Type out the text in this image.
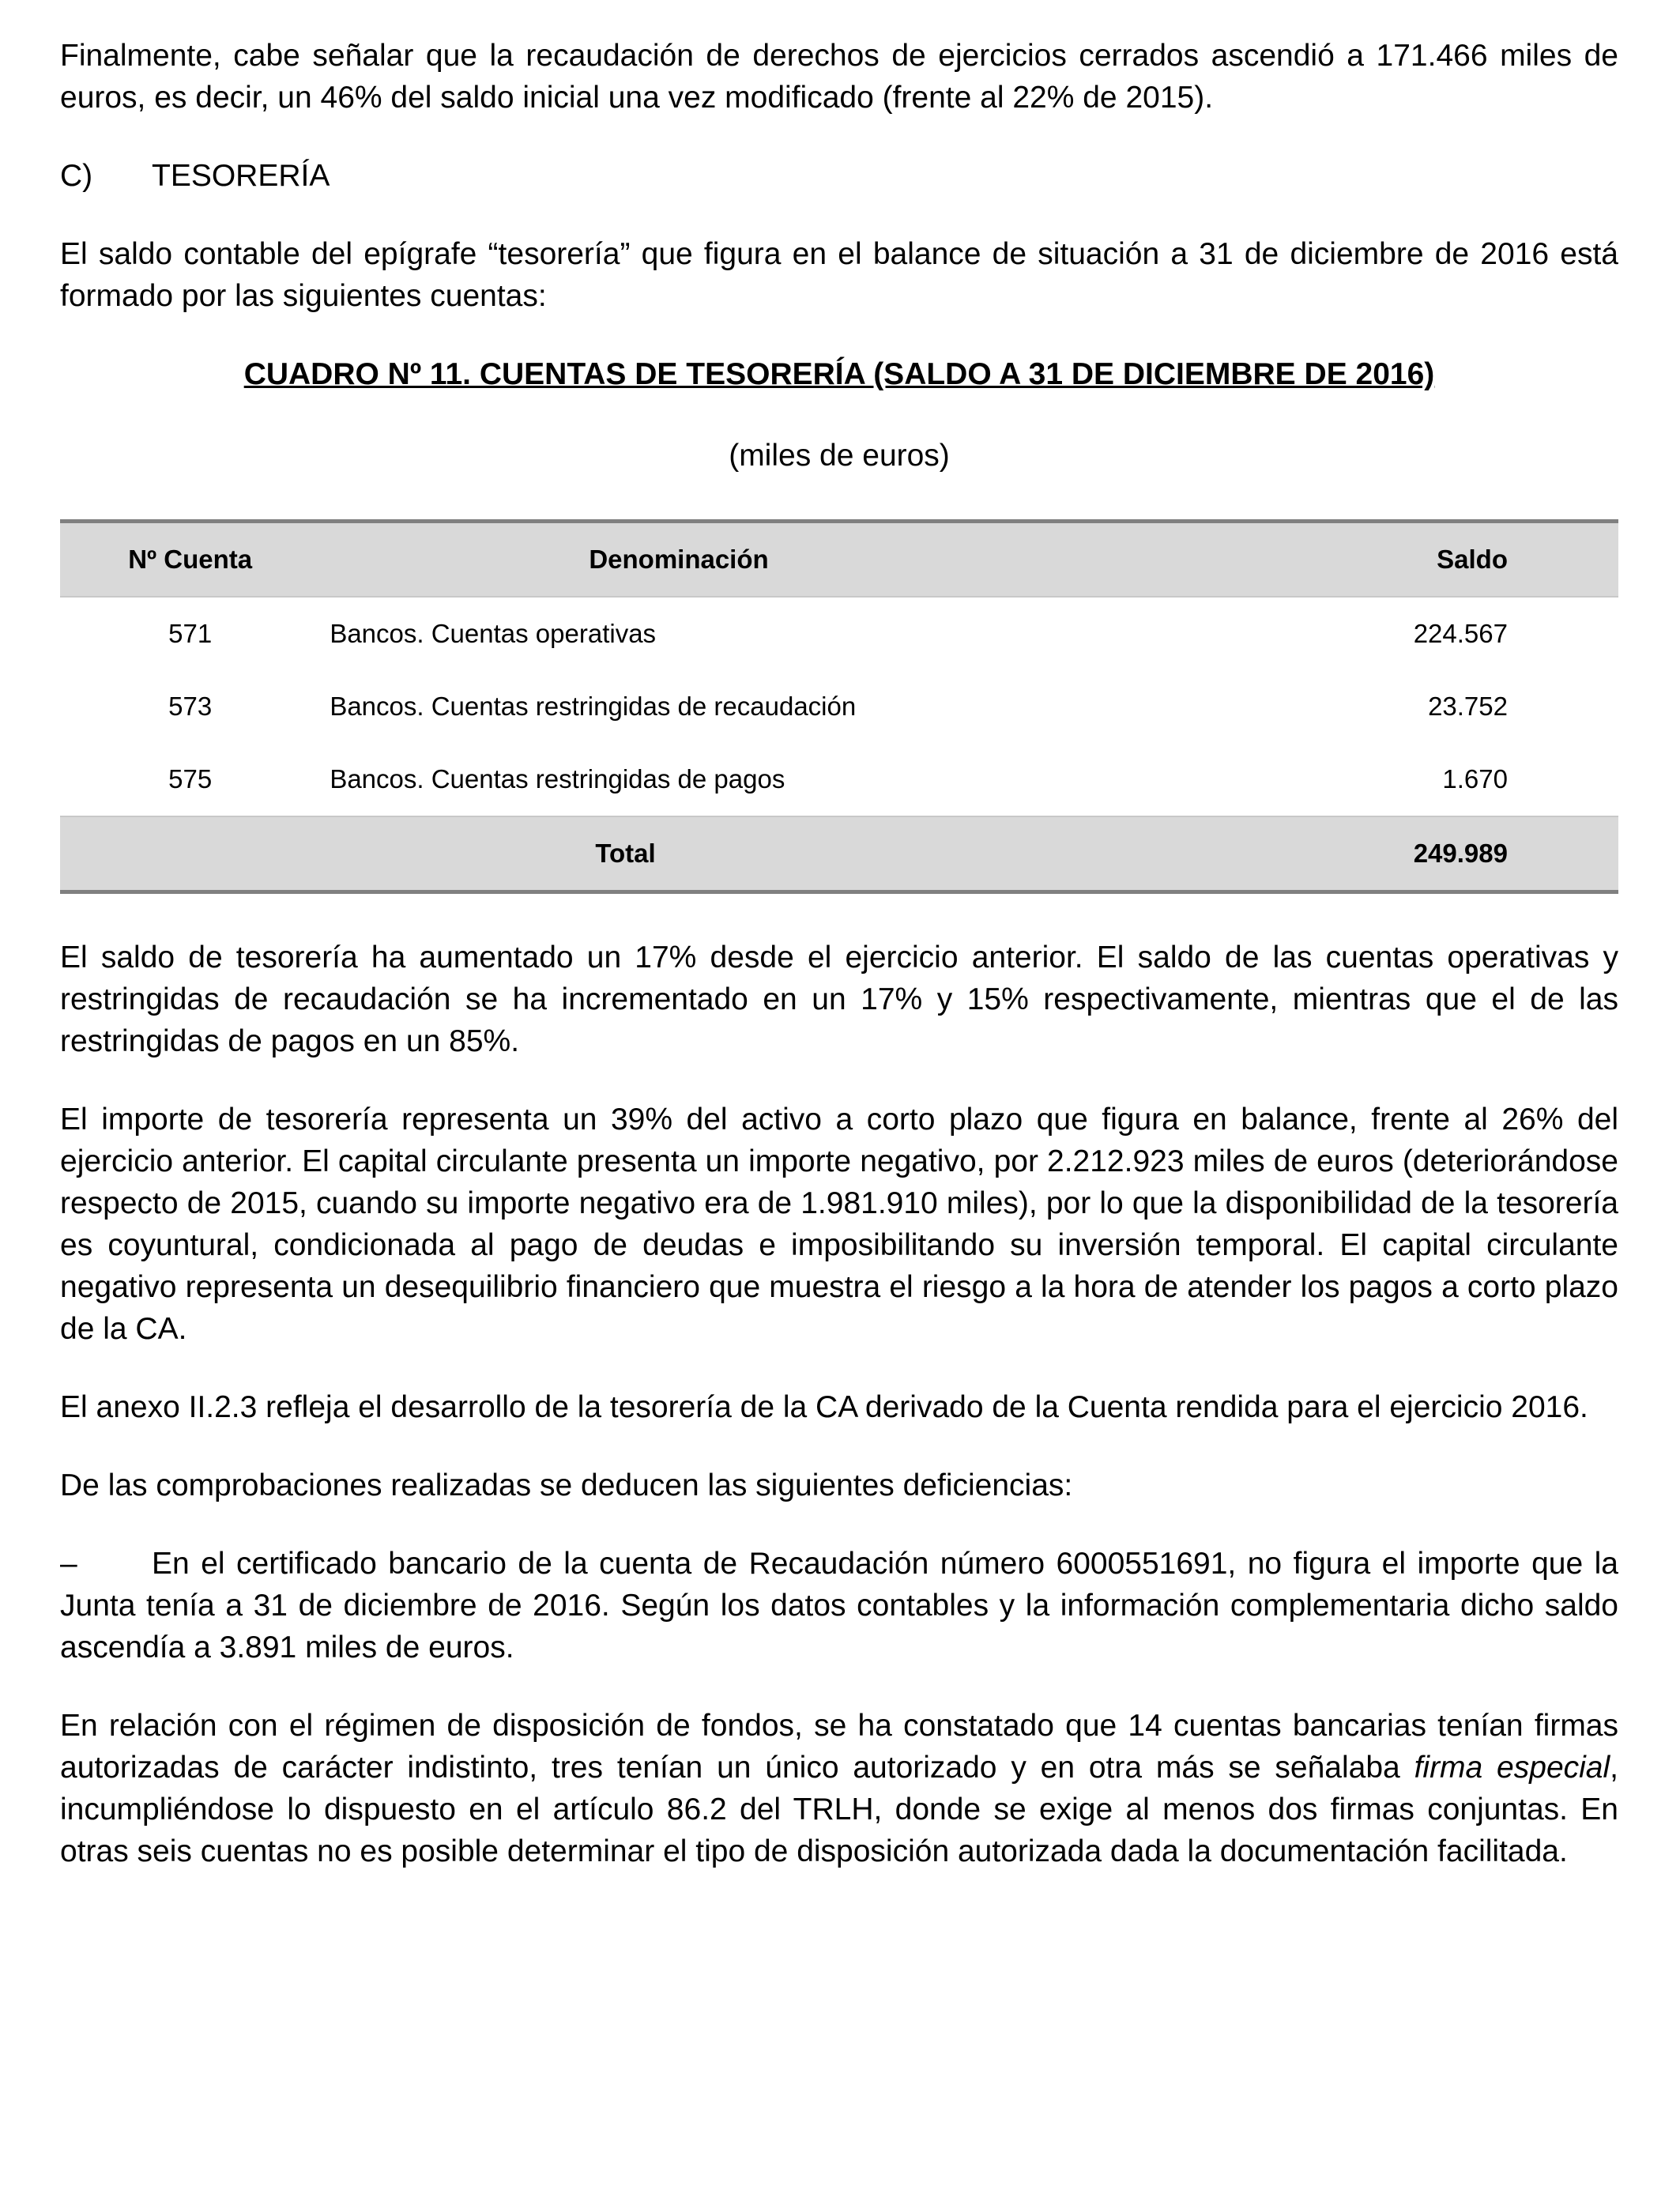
Finalmente, cabe señalar que la recaudación de derechos de ejercicios cerrados ascendió a 171.466 miles de euros, es decir, un 46% del saldo inicial una vez modificado (frente al 22% de 2015).

C) TESORERÍA

El saldo contable del epígrafe “tesorería” que figura en el balance de situación a 31 de diciembre de 2016 está formado por las siguientes cuentas:

CUADRO Nº 11. CUENTAS DE TESORERÍA (SALDO A 31 DE DICIEMBRE DE 2016)
(miles de euros)
Nº Cuenta	Denominación	Saldo
571	Bancos. Cuentas operativas	224.567
573	Bancos. Cuentas restringidas de recaudación	23.752
575	Bancos. Cuentas restringidas de pagos	1.670
	Total	249.989

El saldo de tesorería ha aumentado un 17% desde el ejercicio anterior. El saldo de las cuentas operativas y restringidas de recaudación se ha incrementado en un 17% y 15% respectivamente, mientras que el de las restringidas de pagos en un 85%.

El importe de tesorería representa un 39% del activo a corto plazo que figura en balance, frente al 26% del ejercicio anterior. El capital circulante presenta un importe negativo, por 2.212.923 miles de euros (deteriorándose respecto de 2015, cuando su importe negativo era de 1.981.910 miles), por lo que la disponibilidad de la tesorería es coyuntural, condicionada al pago de deudas e imposibilitando su inversión temporal. El capital circulante negativo representa un desequilibrio financiero que muestra el riesgo a la hora de atender los pagos a corto plazo de la CA.

El anexo II.2.3 refleja el desarrollo de la tesorería de la CA derivado de la Cuenta rendida para el ejercicio 2016.

De las comprobaciones realizadas se deducen las siguientes deficiencias:

– En el certificado bancario de la cuenta de Recaudación número 6000551691, no figura el importe que la Junta tenía a 31 de diciembre de 2016. Según los datos contables y la información complementaria dicho saldo ascendía a 3.891 miles de euros.

En relación con el régimen de disposición de fondos, se ha constatado que 14 cuentas bancarias tenían firmas autorizadas de carácter indistinto, tres tenían un único autorizado y en otra más se señalaba firma especial, incumpliéndose lo dispuesto en el artículo 86.2 del TRLH, donde se exige al menos dos firmas conjuntas. En otras seis cuentas no es posible determinar el tipo de disposición autorizada dada la documentación facilitada.
